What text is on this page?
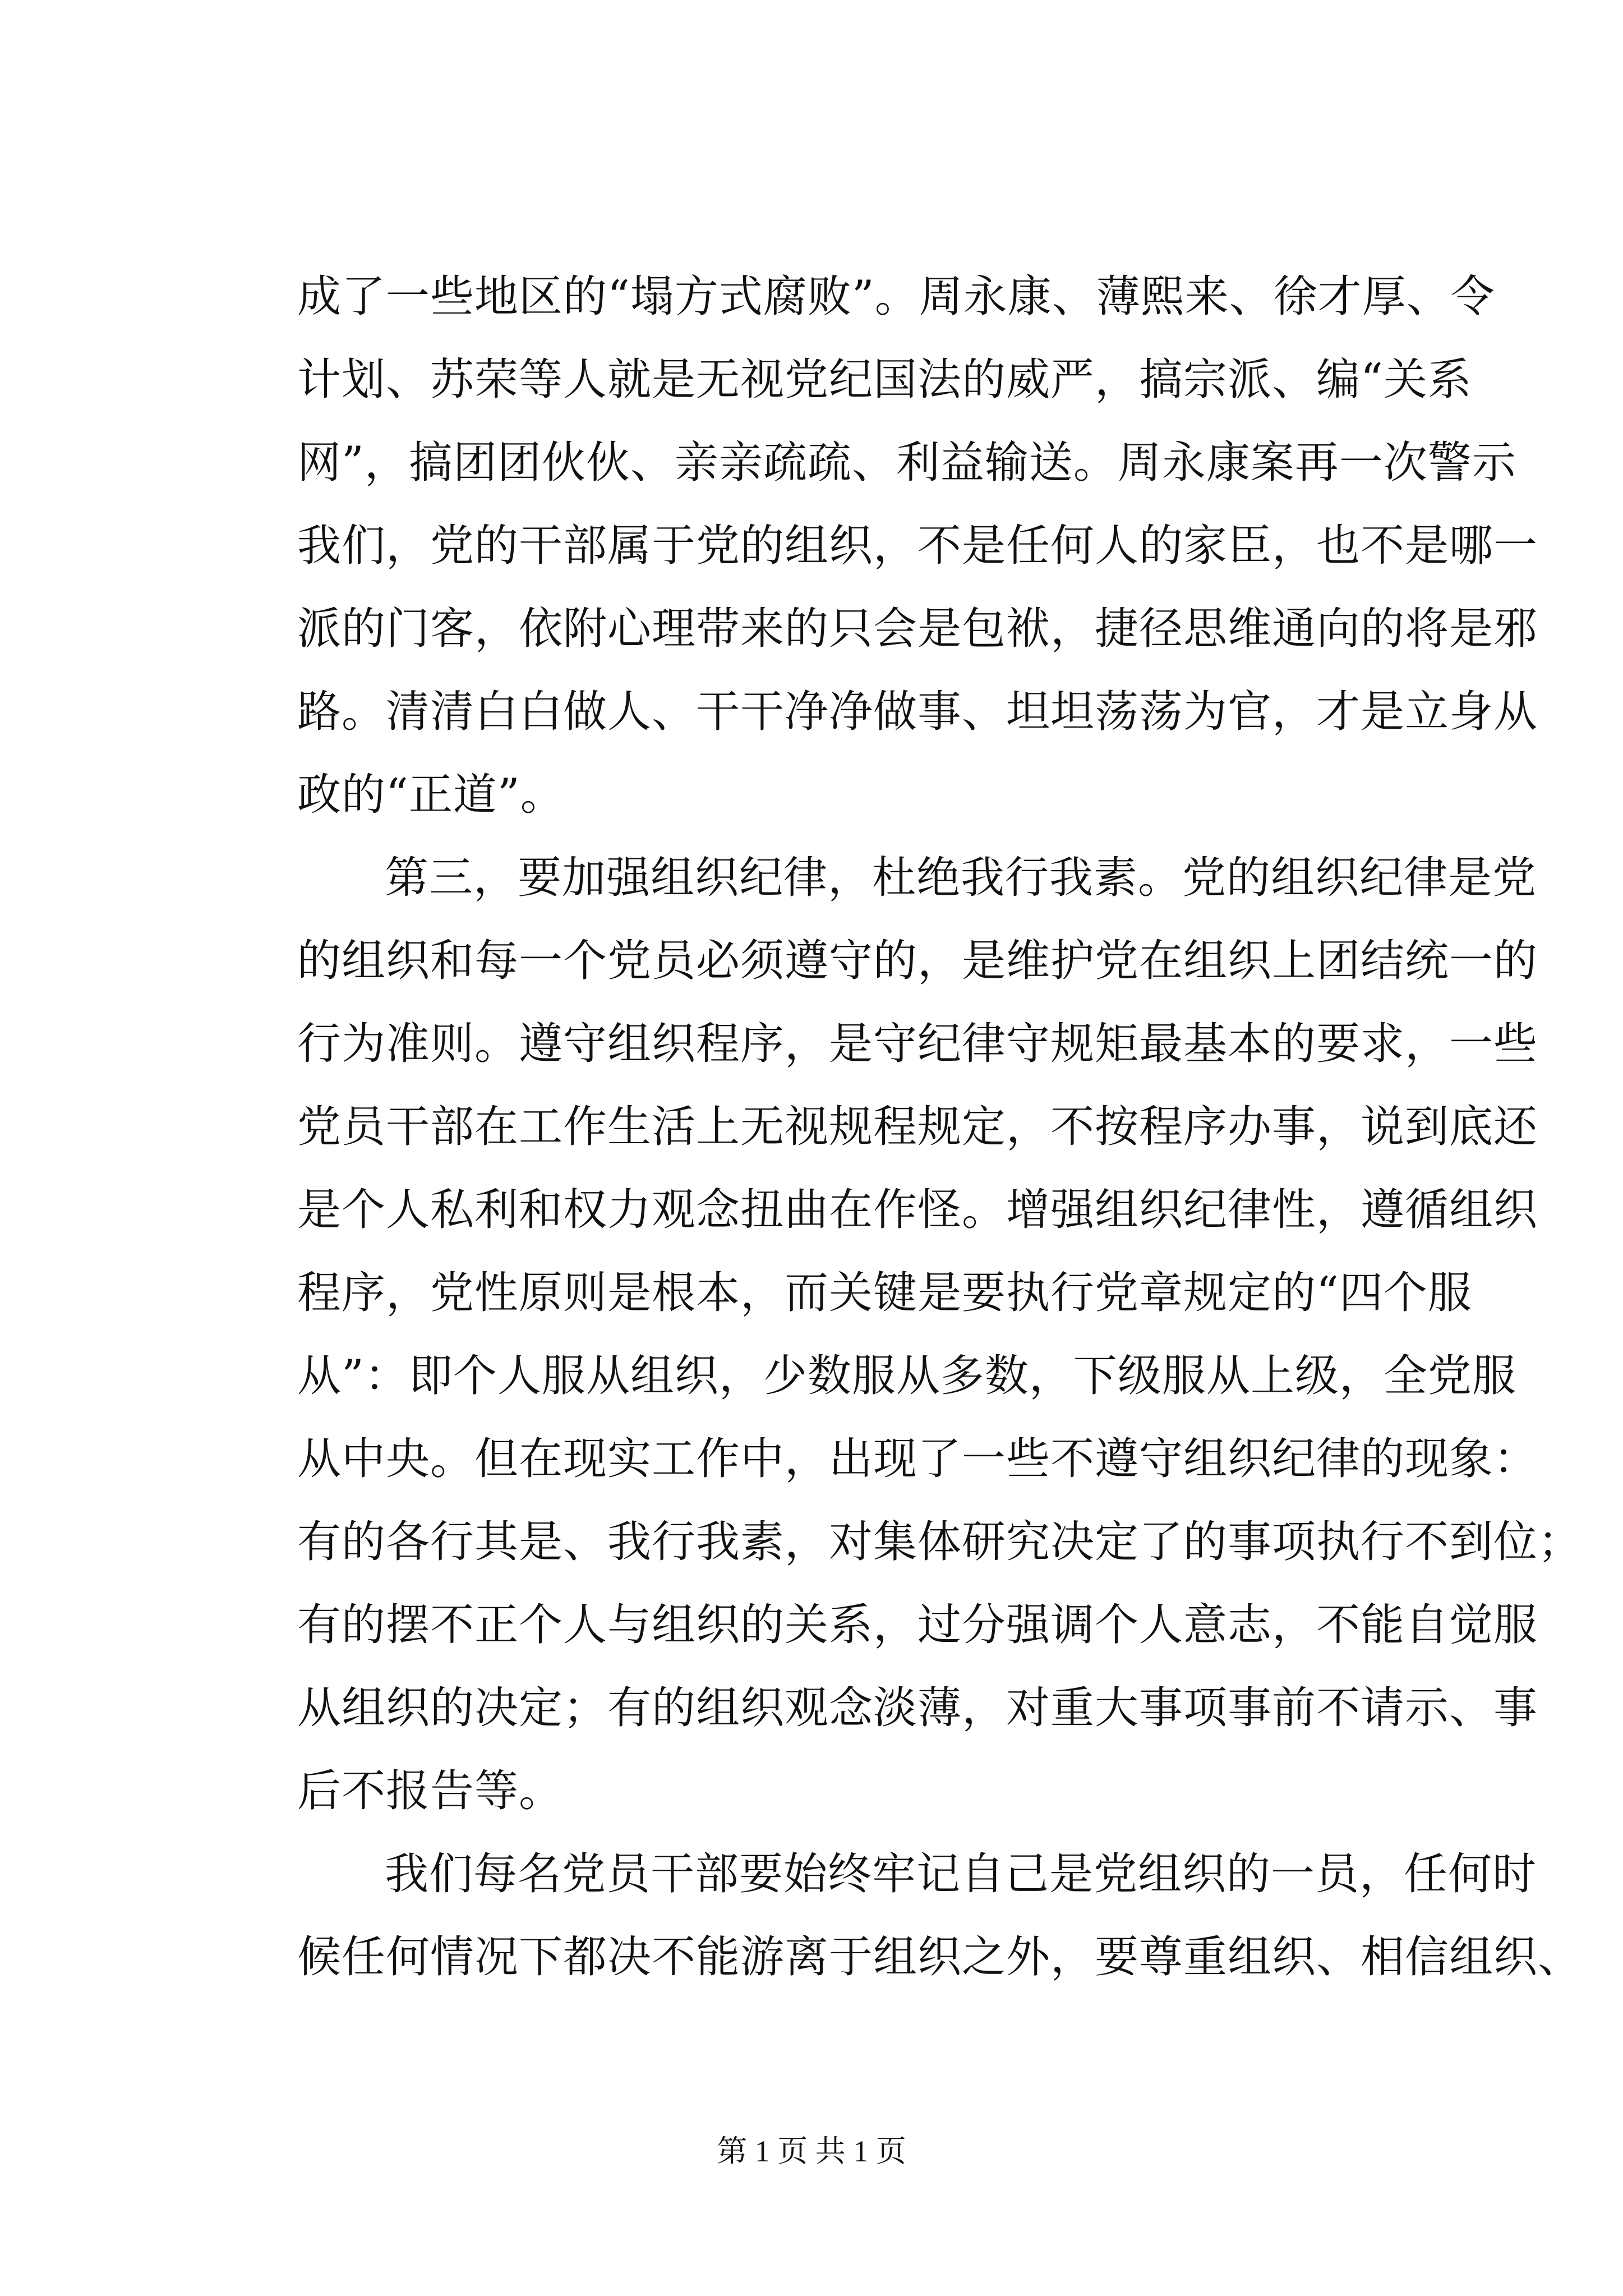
成了一些地区的“塌方式腐败”。周永康、薄熙来、徐才厚、令
计划、苏荣等人就是无视党纪国法的威严，搞宗派、编“关系
网”，搞团团伙伙、亲亲疏疏、利益输送。周永康案再一次警示
我们，党的干部属于党的组织，不是任何人的家臣，也不是哪一
派的门客，依附心理带来的只会是包袱，捷径思维通向的将是邪
路。清清白白做人、干干净净做事、坦坦荡荡为官，才是立身从
政的“正道”。
第三，要加强组织纪律，杜绝我行我素。党的组织纪律是党
的组织和每一个党员必须遵守的，是维护党在组织上团结统一的
行为准则。遵守组织程序，是守纪律守规矩最基本的要求，一些
党员干部在工作生活上无视规程规定，不按程序办事，说到底还
是个人私利和权力观念扭曲在作怪。增强组织纪律性，遵循组织
程序，党性原则是根本，而关键是要执行党章规定的“四个服
从”：即个人服从组织，少数服从多数，下级服从上级，全党服
从中央。但在现实工作中，出现了一些不遵守组织纪律的现象：
有的各行其是、我行我素，对集体研究决定了的事项执行不到位；
有的摆不正个人与组织的关系，过分强调个人意志，不能自觉服
从组织的决定；有的组织观念淡薄，对重大事项事前不请示、事
后不报告等。
我们每名党员干部要始终牢记自己是党组织的一员，任何时
候任何情况下都决不能游离于组织之外，要尊重组织、相信组织、
第 1 页 共 1 页
